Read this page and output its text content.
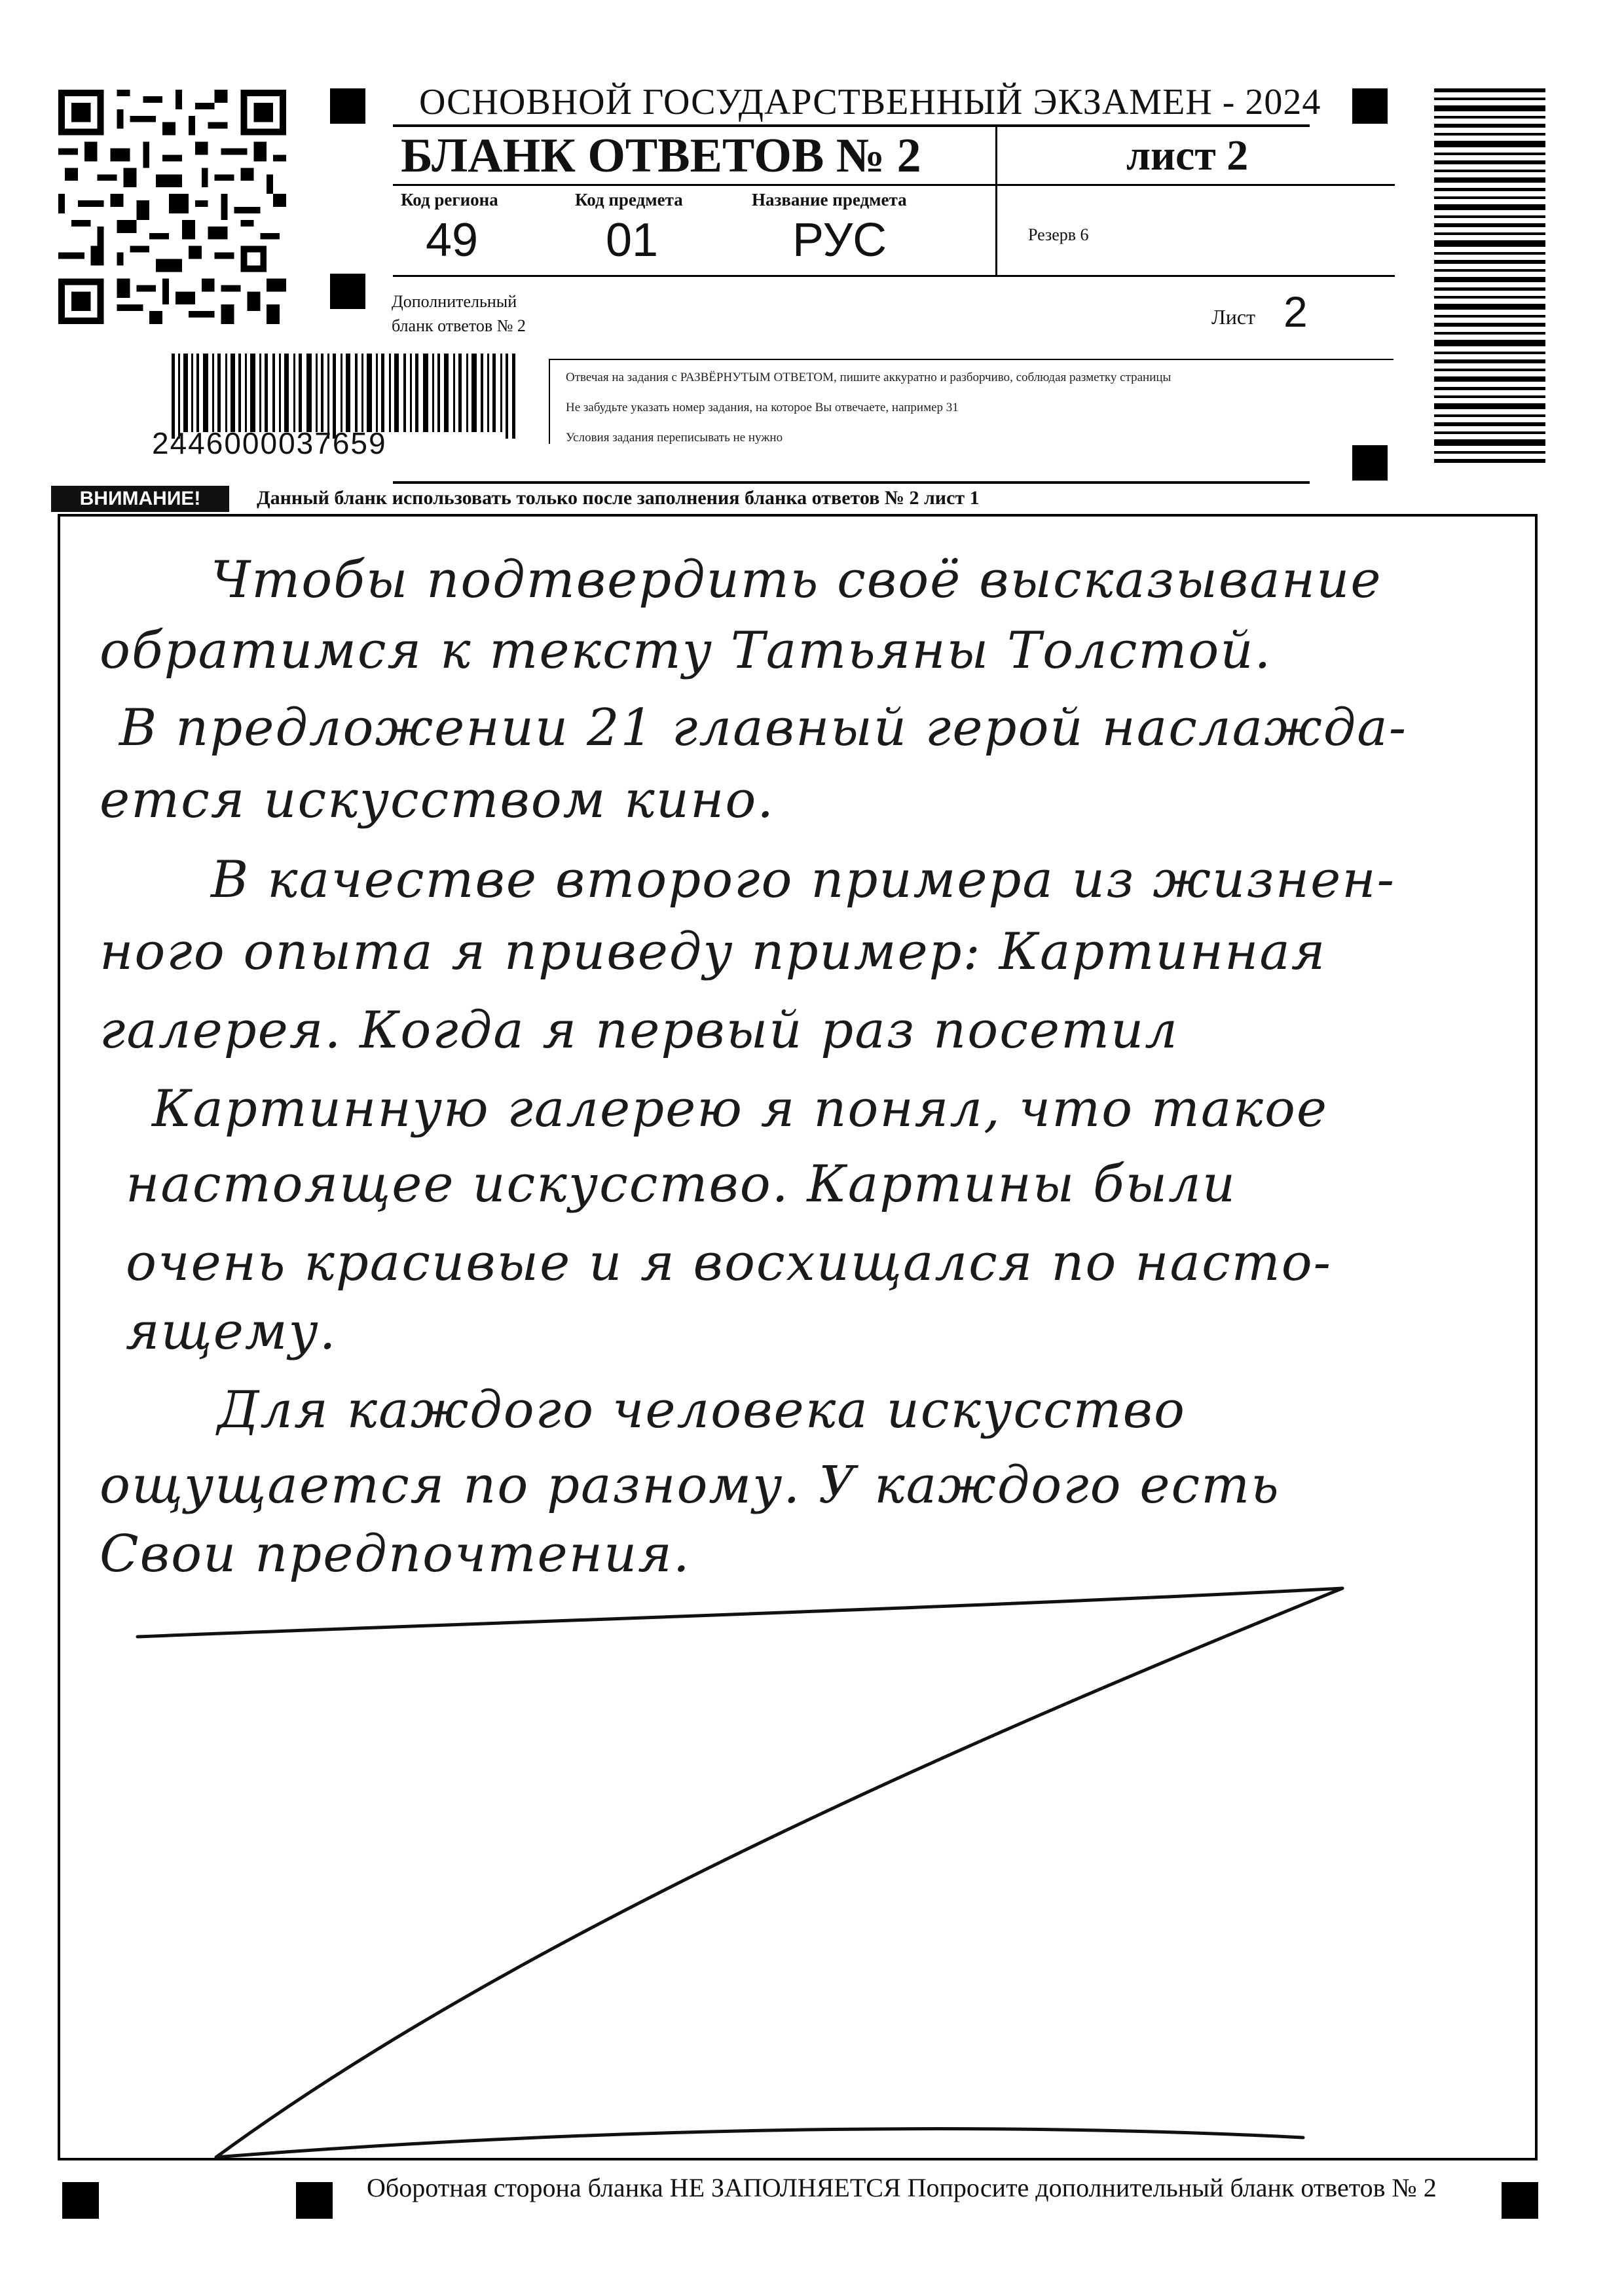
ОСНОВНОЙ ГОСУДАРСТВЕННЫЙ ЭКЗАМЕН - 2024
БЛАНК ОТВЕТОВ № 2	лист 2
Код региона
49
Код предмета
01
Название предмета
РУС	Резерв 6
Дополнительный
бланк ответов № 2	Лист 2
2446000037659
Отвечая на задания с РАЗВЁРНУТЫМ ОТВЕТОМ, пишите аккуратно и разборчиво, соблюдая разметку страницы
Не забудьте указать номер задания, на которое Вы отвечаете, например 31
Условия задания переписывать не нужно
ВНИМАНИЕ!	Данный бланк использовать только после заполнения бланка ответов № 2 лист 1
Чтобы подтвердить своё высказывание
обратимся к тексту Татьяны Толстой.
В предложении 21 главный герой наслажда-
ется искусством кино.
В качестве второго примера из жизнен-
ного опыта я приведу пример: Картинная
галерея. Когда я первый раз посетил
Картинную галерею я понял, что такое
настоящее искусство. Картины были
очень красивые и я восхищался по насто-
ящему.
Для каждого человека искусство
ощущается по разному. У каждого есть
Свои предпочтения.
Оборотная сторона бланка НЕ ЗАПОЛНЯЕТСЯ Попросите дополнительный бланк ответов № 2
